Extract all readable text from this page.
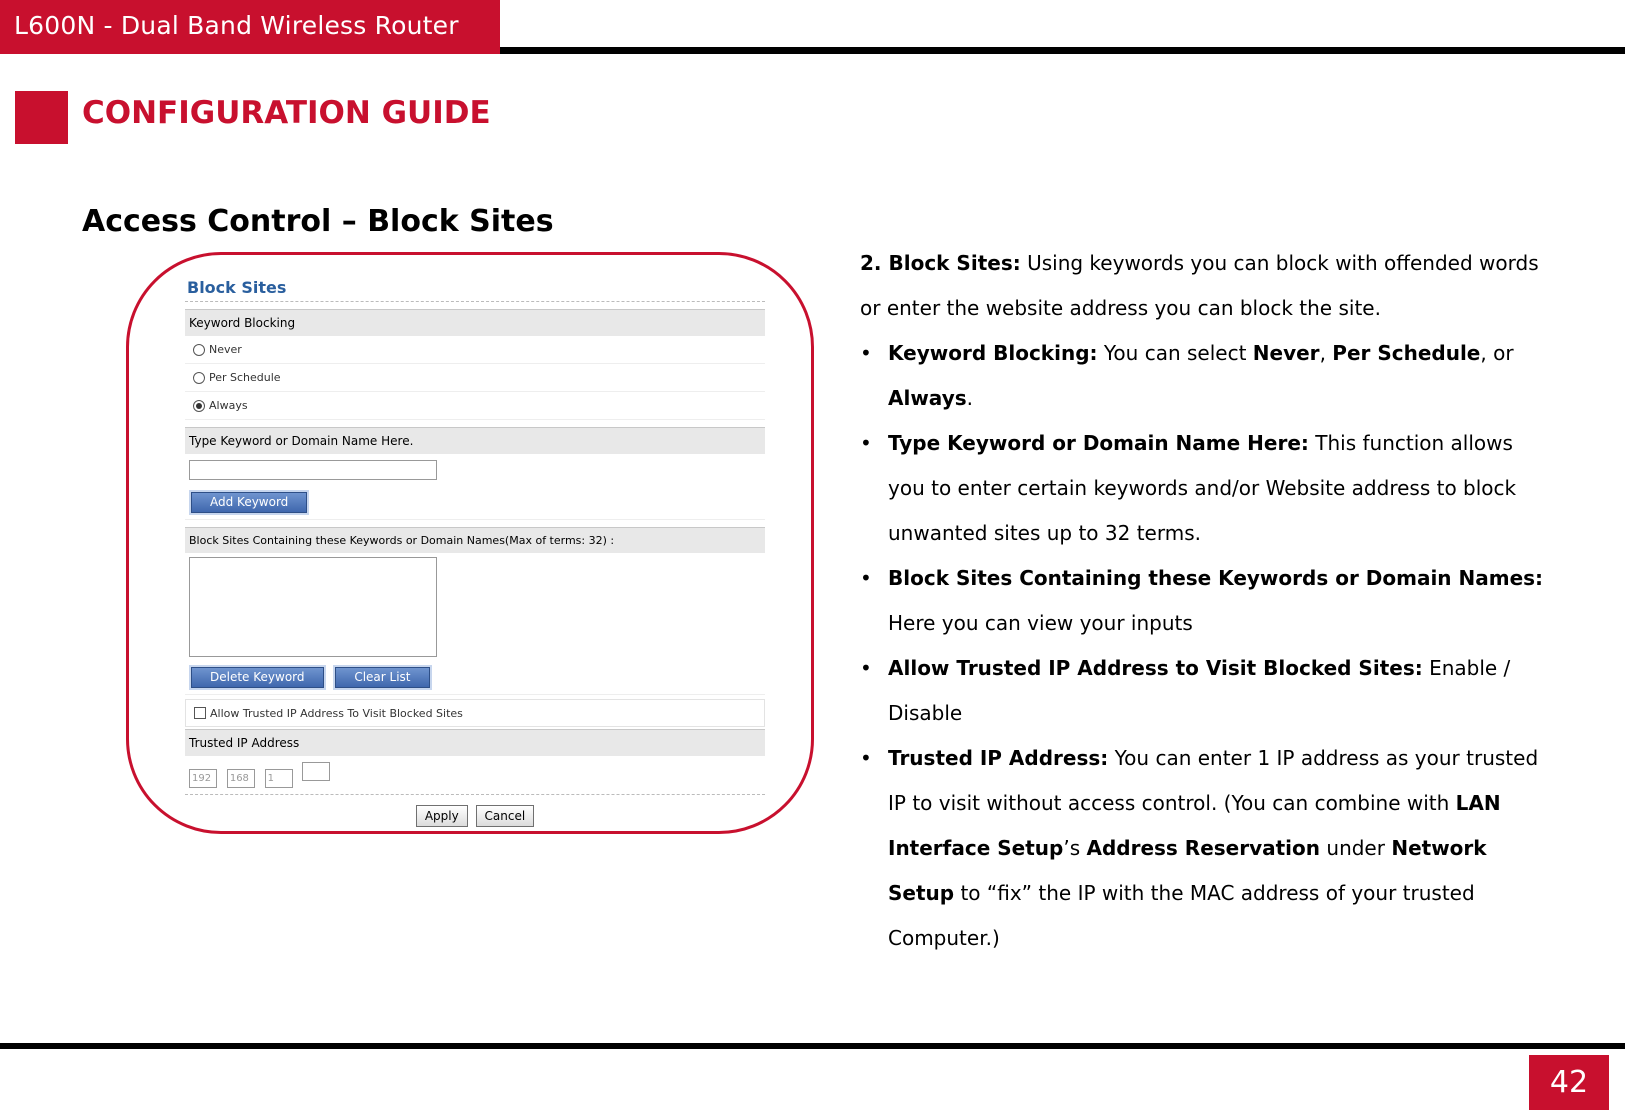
L600N - Dual Band Wireless Router
CONFIGURATION GUIDE
Access Control – Block Sites
Block Sites
Keyword Blocking
Never
Per Schedule
Always
Type Keyword or Domain Name Here.
Add Keyword
Block Sites Containing these Keywords or Domain Names(Max of terms: 32) :
Delete Keyword	Clear List
Allow Trusted IP Address To Visit Blocked Sites
Trusted IP Address
192 168 1
Apply Cancel

2. Block Sites: Using keywords you can block with offended words or enter the website address you can block the site.

• Keyword Blocking: You can select Never, Per Schedule, or Always.

• Type Keyword or Domain Name Here: This function allows you to enter certain keywords and/or Website address to block unwanted sites up to 32 terms.

• Block Sites Containing these Keywords or Domain Names: Here you can view your inputs

• Allow Trusted IP Address to Visit Blocked Sites: Enable / Disable

• Trusted IP Address: You can enter 1 IP address as your trusted IP to visit without access control. (You can combine with LAN Interface Setup’s Address Reservation under Network Setup to “fix” the IP with the MAC address of your trusted Computer.)

42
